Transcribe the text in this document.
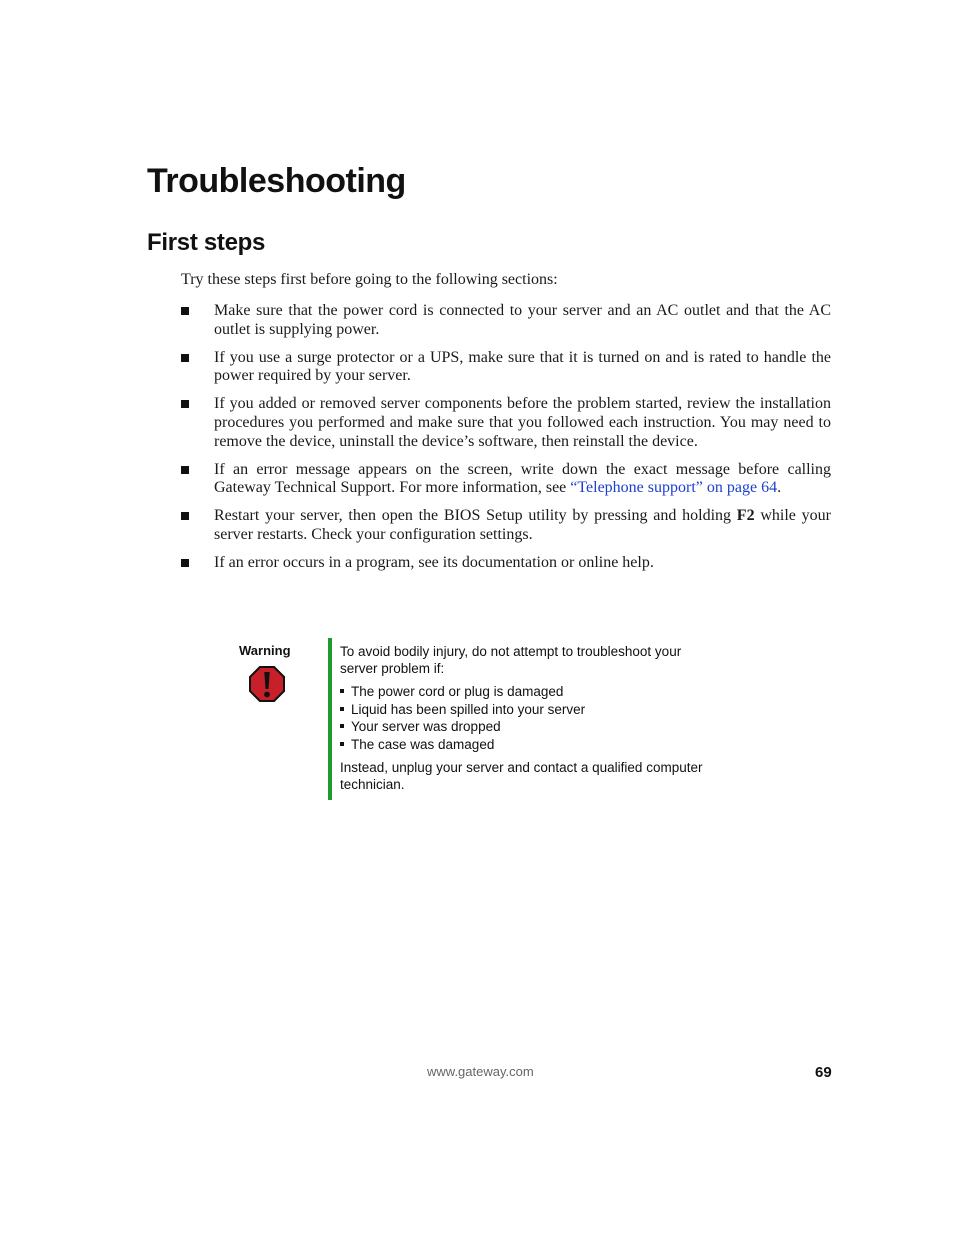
Troubleshooting
First steps

Try these steps first before going to the following sections:

Make sure that the power cord is connected to your server and an AC outlet and that the AC outlet is supplying power.
If you use a surge protector or a UPS, make sure that it is turned on and is rated to handle the power required by your server.
If you added or removed server components before the problem started, review the installation procedures you performed and make sure that you followed each instruction. You may need to remove the device, uninstall the device’s software, then reinstall the device.
If an error message appears on the screen, write down the exact message before calling Gateway Technical Support. For more information, see “Telephone support” on page 64.
Restart your server, then open the BIOS Setup utility by pressing and holding F2 while your server restarts. Check your configuration settings.
If an error occurs in a program, see its documentation or online help.
Warning	To avoid bodily injury, do not attempt to troubleshoot your server problem if:

The power cord or plug is damaged
Liquid has been spilled into your server
Your server was dropped
The case was damaged

Instead, unplug your server and contact a qualified computer technician.

www.gateway.com	69
